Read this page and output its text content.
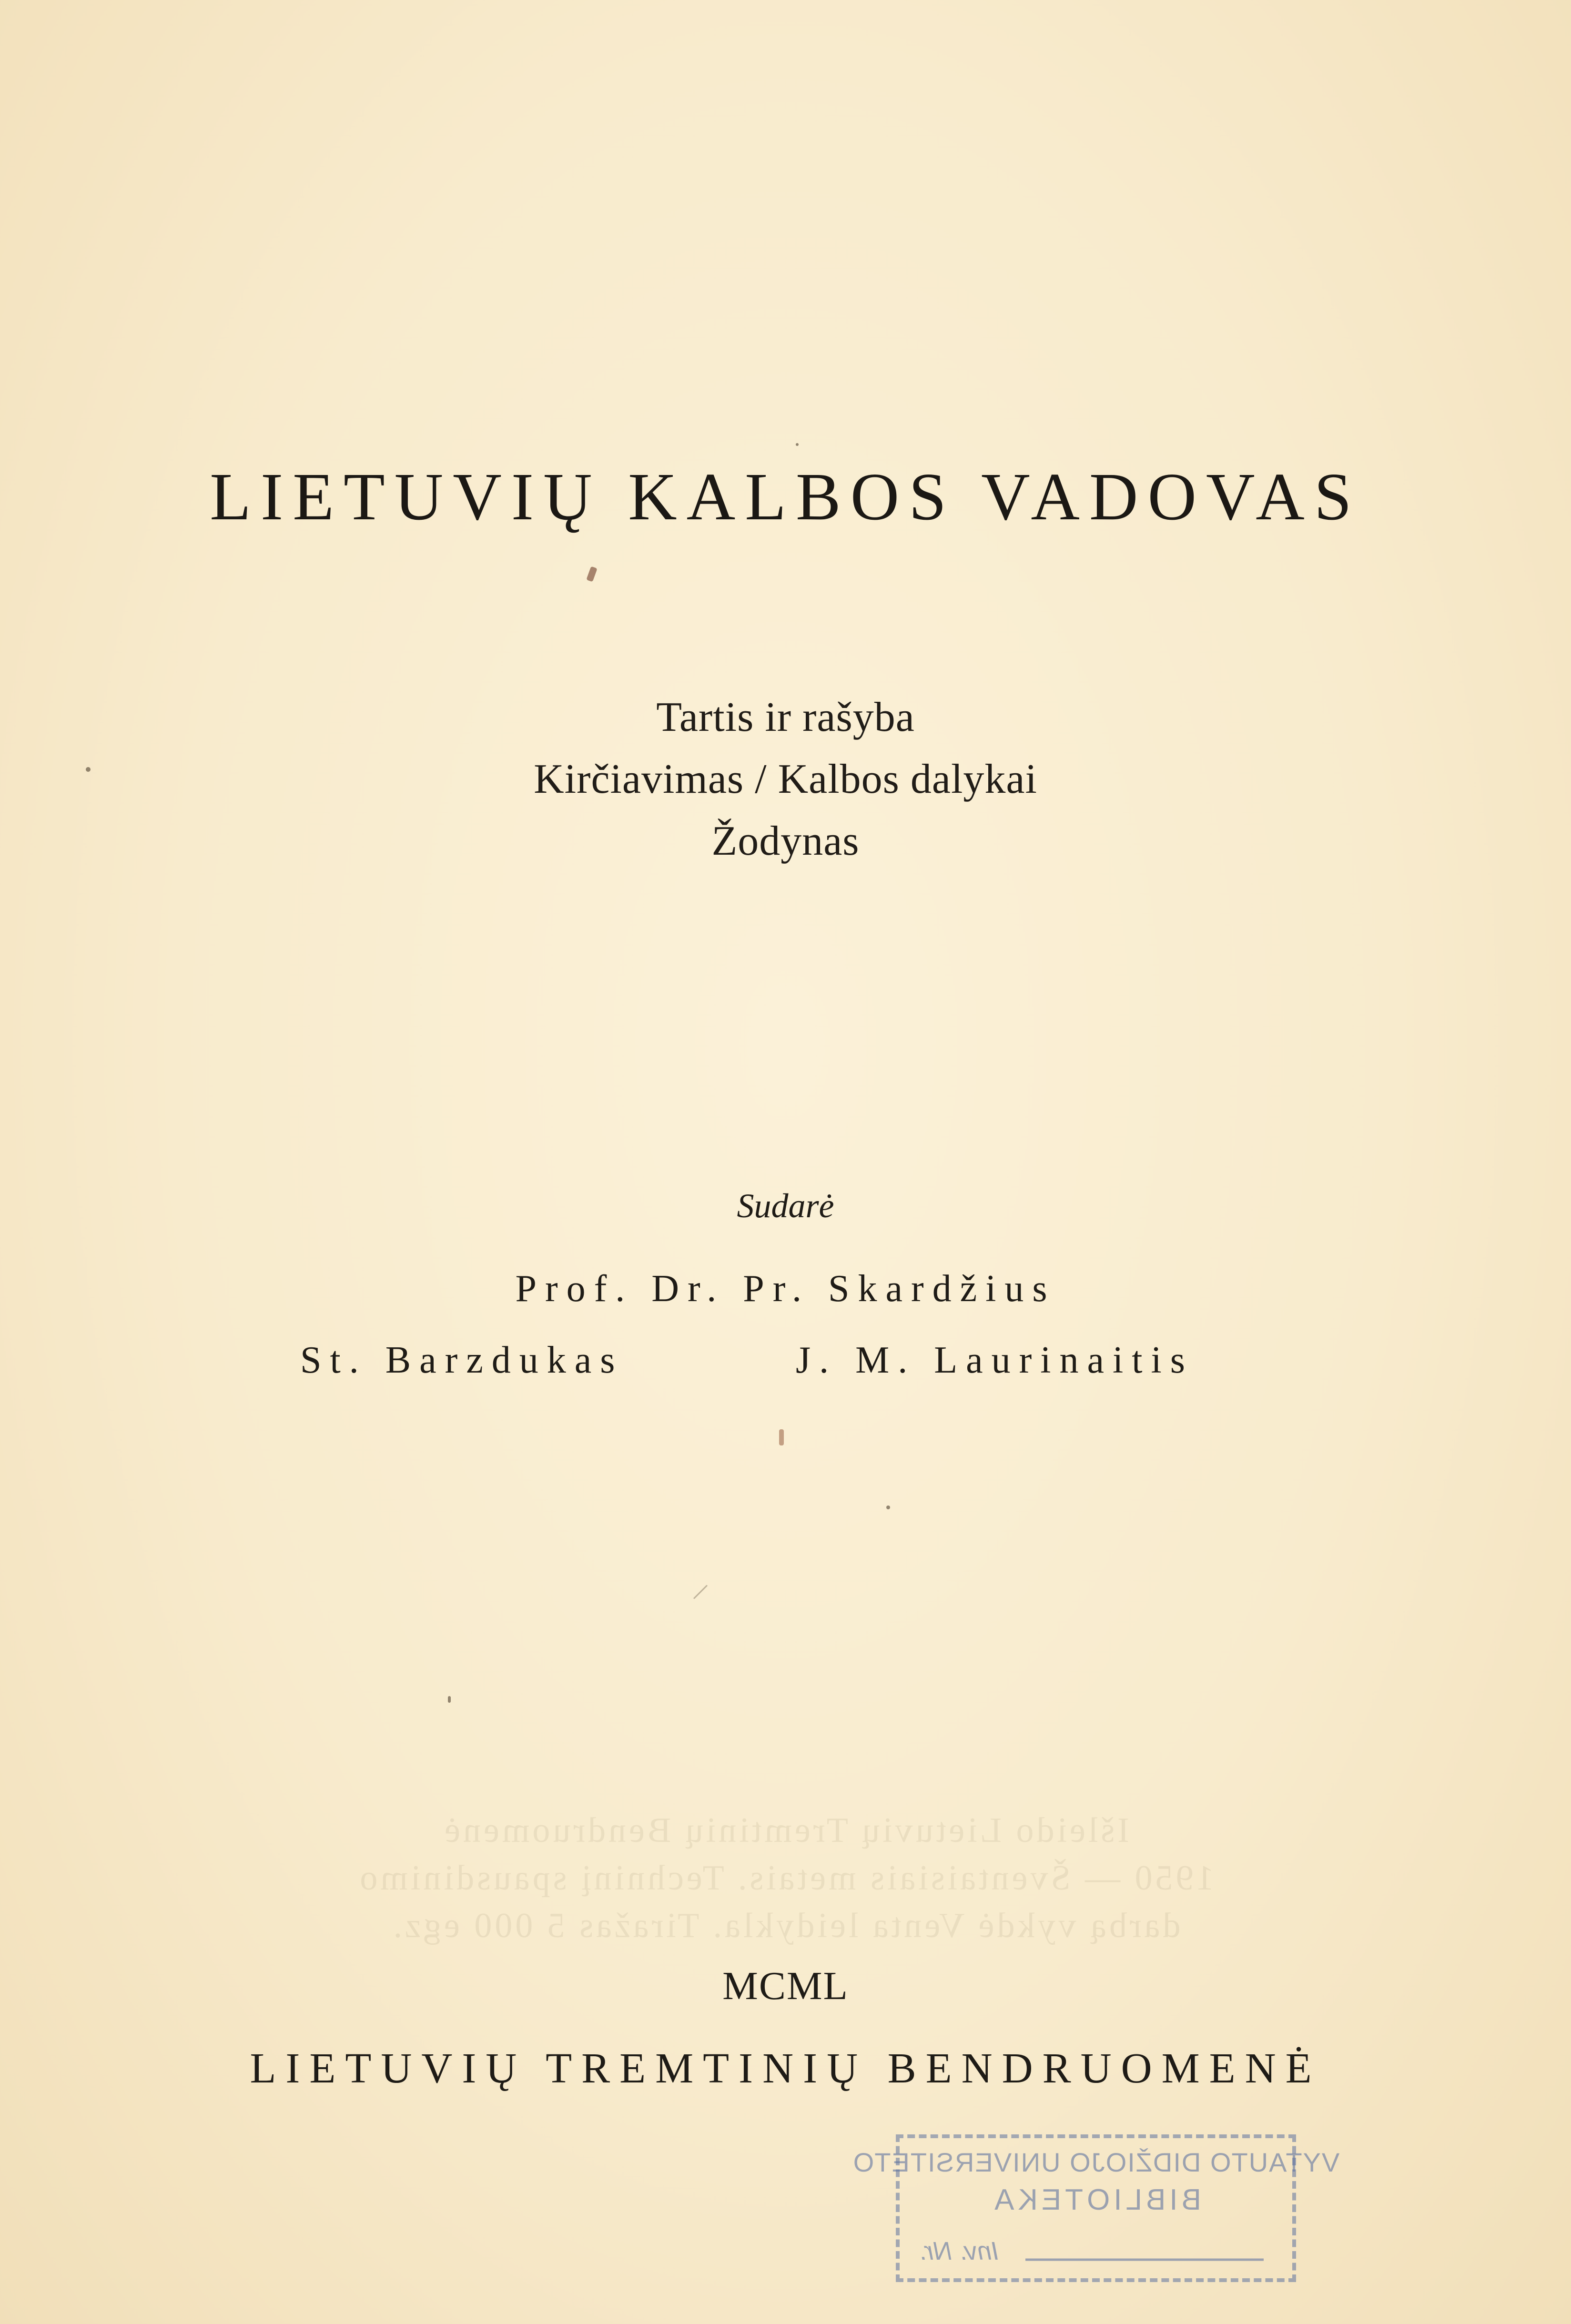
Išleido Lietuvių Tremtinių Bendruomenė
1950 — Šventaisiais metais. Techninį spausdinimo
darbą vykdė Venta leidykla. Tiražas 5 000 egz.
LIETUVIŲ KALBOS VADOVAS
Tartis ir rašyba
Kirčiavimas / Kalbos dalykai
Žodynas
Sudarė
Prof. Dr. Pr. Skardžius
St. Barzdukas	J. M. Laurinaitis
MCML
LIETUVIŲ TREMTINIŲ BENDRUOMENĖ
VYTAUTO DIDŽIOJO UNIVERSITETO
BIBLIOTEKA
Inv. Nr.
